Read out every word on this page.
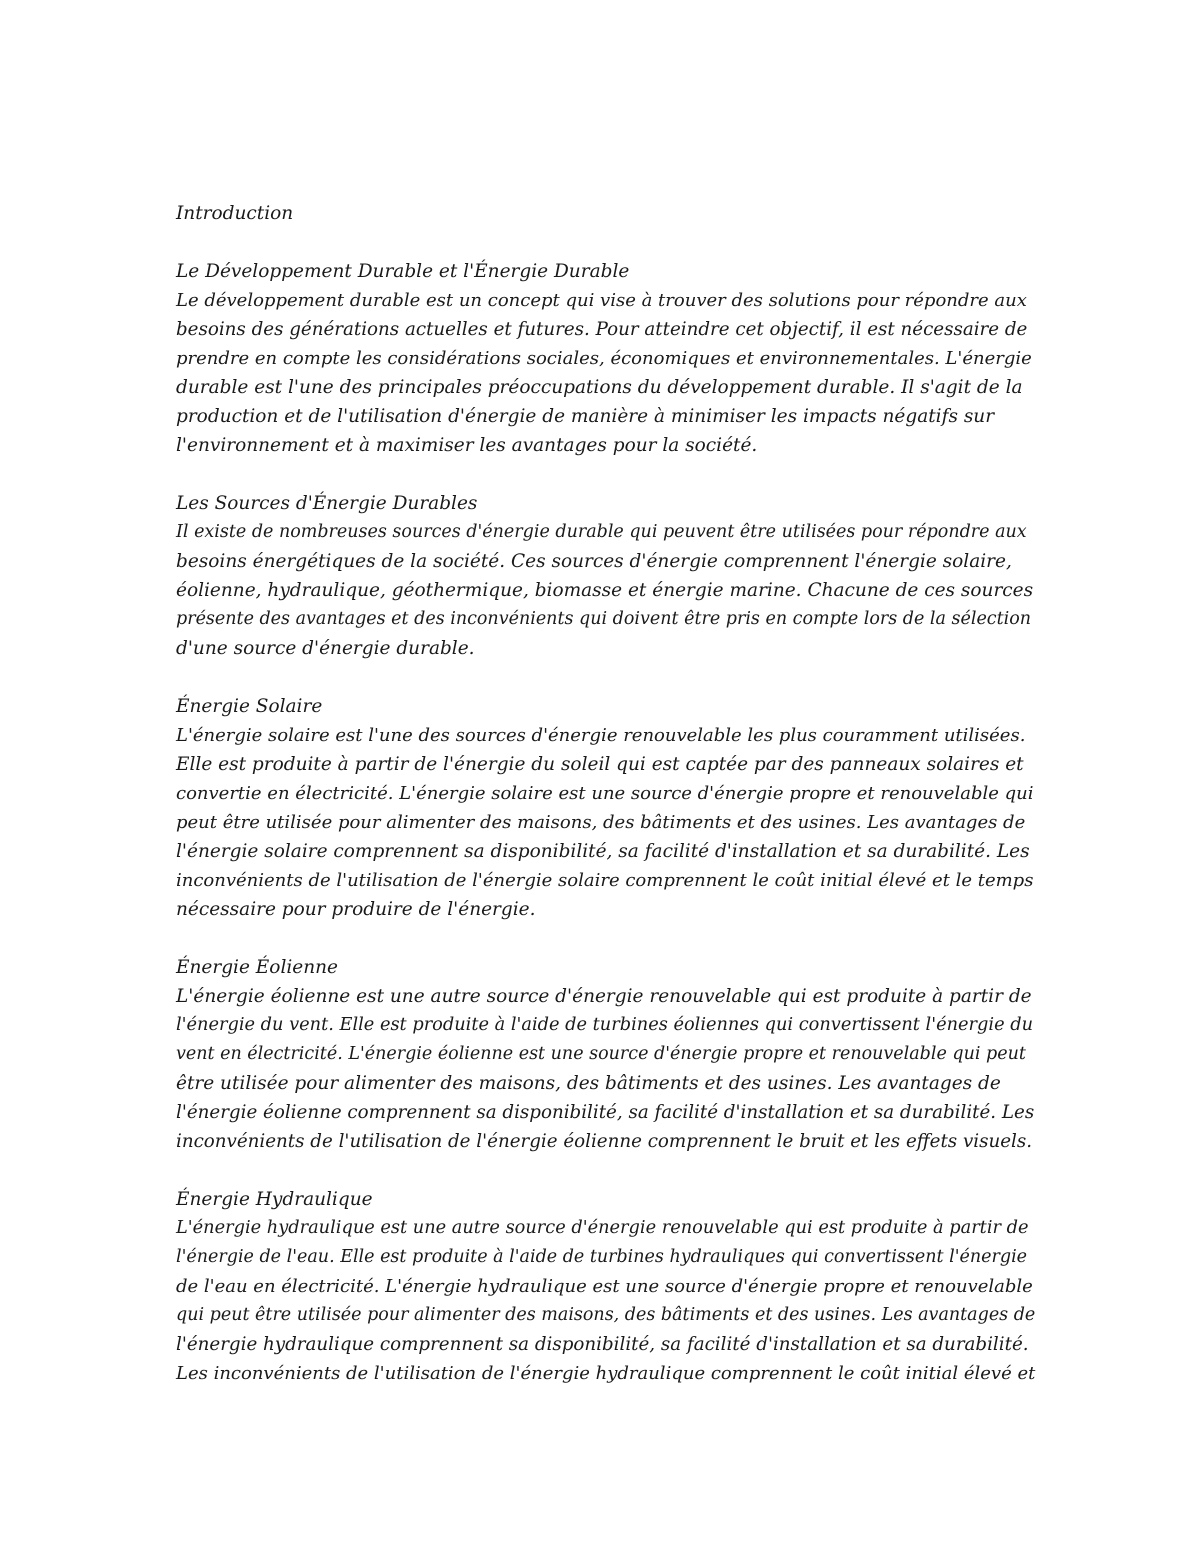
Introduction
Le Développement Durable et l'Énergie Durable
Le développement durable est un concept qui vise à trouver des solutions pour répondre aux
besoins des générations actuelles et futures. Pour atteindre cet objectif, il est nécessaire de
prendre en compte les considérations sociales, économiques et environnementales. L'énergie
durable est l'une des principales préoccupations du développement durable. Il s'agit de la
production et de l'utilisation d'énergie de manière à minimiser les impacts négatifs sur
l'environnement et à maximiser les avantages pour la société.
Les Sources d'Énergie Durables
Il existe de nombreuses sources d'énergie durable qui peuvent être utilisées pour répondre aux
besoins énergétiques de la société. Ces sources d'énergie comprennent l'énergie solaire,
éolienne, hydraulique, géothermique, biomasse et énergie marine. Chacune de ces sources
présente des avantages et des inconvénients qui doivent être pris en compte lors de la sélection
d'une source d'énergie durable.
Énergie Solaire
L'énergie solaire est l'une des sources d'énergie renouvelable les plus couramment utilisées.
Elle est produite à partir de l'énergie du soleil qui est captée par des panneaux solaires et
convertie en électricité. L'énergie solaire est une source d'énergie propre et renouvelable qui
peut être utilisée pour alimenter des maisons, des bâtiments et des usines. Les avantages de
l'énergie solaire comprennent sa disponibilité, sa facilité d'installation et sa durabilité. Les
inconvénients de l'utilisation de l'énergie solaire comprennent le coût initial élevé et le temps
nécessaire pour produire de l'énergie.
Énergie Éolienne
L'énergie éolienne est une autre source d'énergie renouvelable qui est produite à partir de
l'énergie du vent. Elle est produite à l'aide de turbines éoliennes qui convertissent l'énergie du
vent en électricité. L'énergie éolienne est une source d'énergie propre et renouvelable qui peut
être utilisée pour alimenter des maisons, des bâtiments et des usines. Les avantages de
l'énergie éolienne comprennent sa disponibilité, sa facilité d'installation et sa durabilité. Les
inconvénients de l'utilisation de l'énergie éolienne comprennent le bruit et les effets visuels.
Énergie Hydraulique
L'énergie hydraulique est une autre source d'énergie renouvelable qui est produite à partir de
l'énergie de l'eau. Elle est produite à l'aide de turbines hydrauliques qui convertissent l'énergie
de l'eau en électricité. L'énergie hydraulique est une source d'énergie propre et renouvelable
qui peut être utilisée pour alimenter des maisons, des bâtiments et des usines. Les avantages de
l'énergie hydraulique comprennent sa disponibilité, sa facilité d'installation et sa durabilité.
Les inconvénients de l'utilisation de l'énergie hydraulique comprennent le coût initial élevé et
